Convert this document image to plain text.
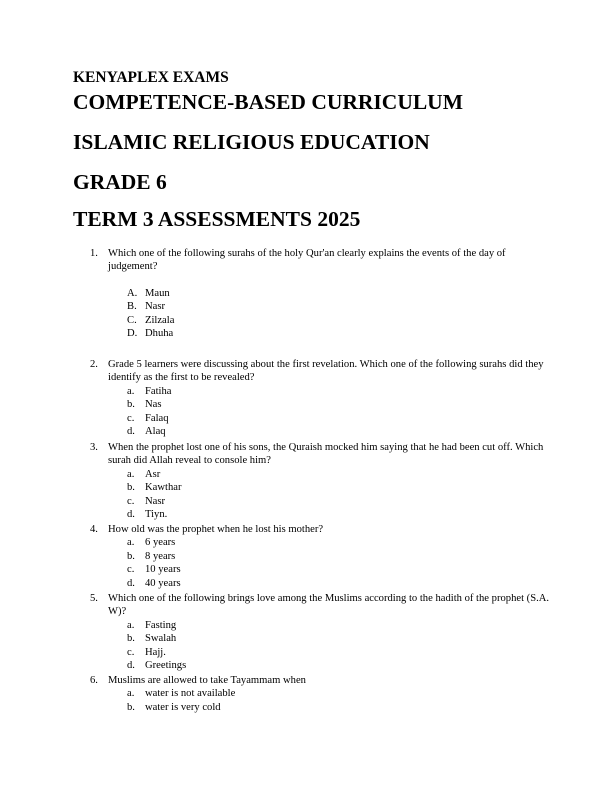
KENYAPLEX EXAMS
COMPETENCE-BASED CURRICULUM
ISLAMIC RELIGIOUS EDUCATION
GRADE 6
TERM 3 ASSESSMENTS 2025
1. Which one of the following surahs of the holy Qur'an clearly explains the events of the day of judgement?
A. Maun
B. Nasr
C. Zilzala
D. Dhuha
2. Grade 5 learners were discussing about the first revelation. Which one of the following surahs did they identify as the first to be revealed?
a. Fatiha
b. Nas
c. Falaq
d. Alaq
3. When the prophet lost one of his sons, the Quraish mocked him saying that he had been cut off. Which surah did Allah reveal to console him?
a. Asr
b. Kawthar
c. Nasr
d. Tiyn.
4. How old was the prophet when he lost his mother?
a. 6 years
b. 8 years
c. 10 years
d. 40 years
5. Which one of the following brings love among the Muslims according to the hadith of the prophet (S.A. W)?
a. Fasting
b. Swalah
c. Hajj.
d. Greetings
6. Muslims are allowed to take Tayammam when
a. water is not available
b. water is very cold
